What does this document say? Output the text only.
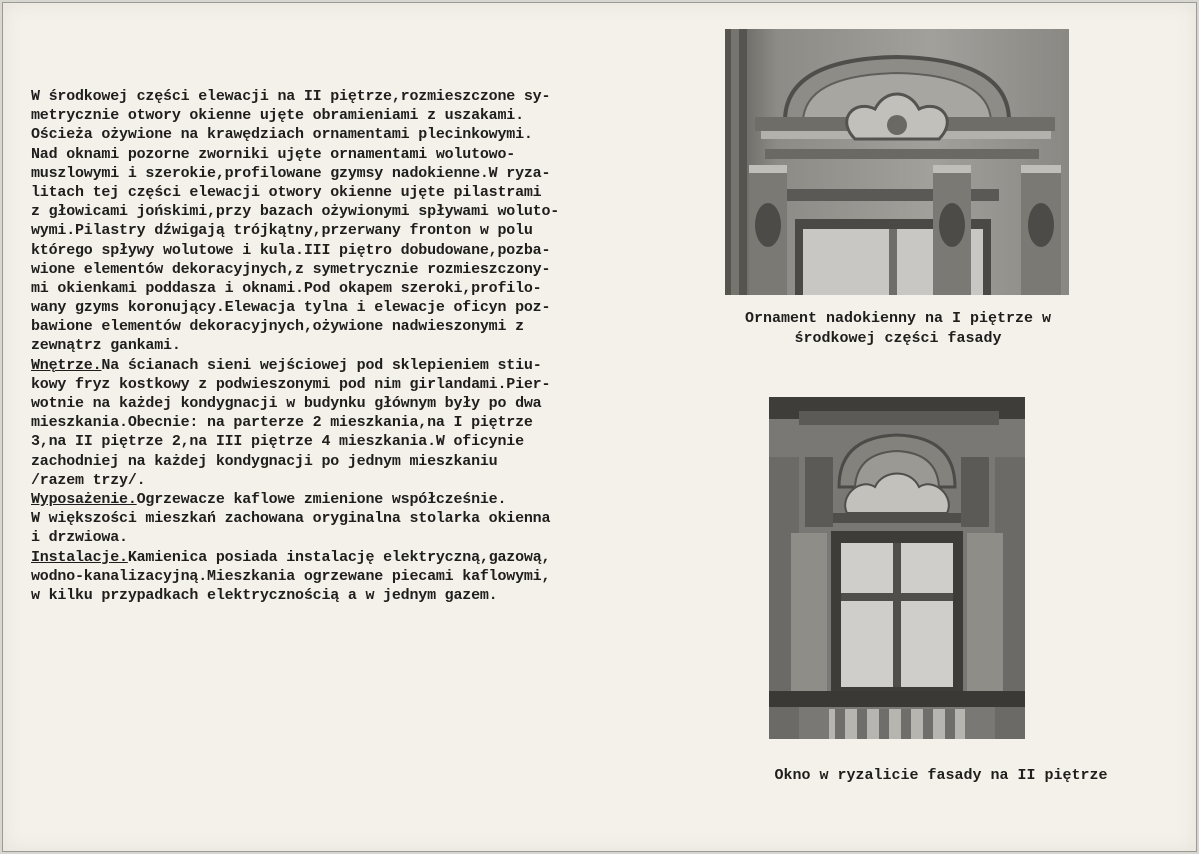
W środkowej części elewacji na II piętrze,rozmieszczone sy-
metrycznie otwory okienne ujęte obramieniami z uszakami.
Ościeża ożywione na krawędziach ornamentami plecinkowymi.
Nad oknami pozorne zworniki ujęte ornamentami wolutowo-
muszlowymi i szerokie,profilowane gzymsy nadokienne.W ryza-
litach tej części elewacji otwory okienne ujęte pilastrami
z głowicami jońskimi,przy bazach ożywionymi spływami woluto-
wymi.Pilastry dźwigają trójkątny,przerwany fronton w polu
którego spływy wolutowe i kula.III piętro dobudowane,pozba-
wione elementów dekoracyjnych,z symetrycznie rozmieszczony-
mi okienkami poddasza i oknami.Pod okapem szeroki,profilo-
wany gzyms koronujący.Elewacja tylna i elewacje oficyn poz-
bawione elementów dekoracyjnych,ożywione nadwieszonymi z
zewnątrz gankami.
Wnętrze.Na ścianach sieni wejściowej pod sklepieniem stiu-
kowy fryz kostkowy z podwieszonymi pod nim girlandami.Pier-
wotnie na każdej kondygnacji w budynku głównym były po dwa
mieszkania.Obecnie: na parterze 2 mieszkania,na I piętrze
3,na II piętrze 2,na III piętrze 4 mieszkania.W oficynie
zachodniej na każdej kondygnacji po jednym mieszkaniu
/razem trzy/.
Wyposażenie.Ogrzewacze kaflowe zmienione współcześnie.
W większości mieszkań zachowana oryginalna stolarka okienna
i drzwiowa.
Instalacje.Kamienica posiada instalację elektryczną,gazową,
wodno-kanalizacyjną.Mieszkania ogrzewane piecami kaflowymi,
w kilku przypadkach elektrycznością a w jednym gazem.
Ornament nadokienny na I piętrze w
środkowej części fasady
Okno w ryzalicie fasady na II piętrze
